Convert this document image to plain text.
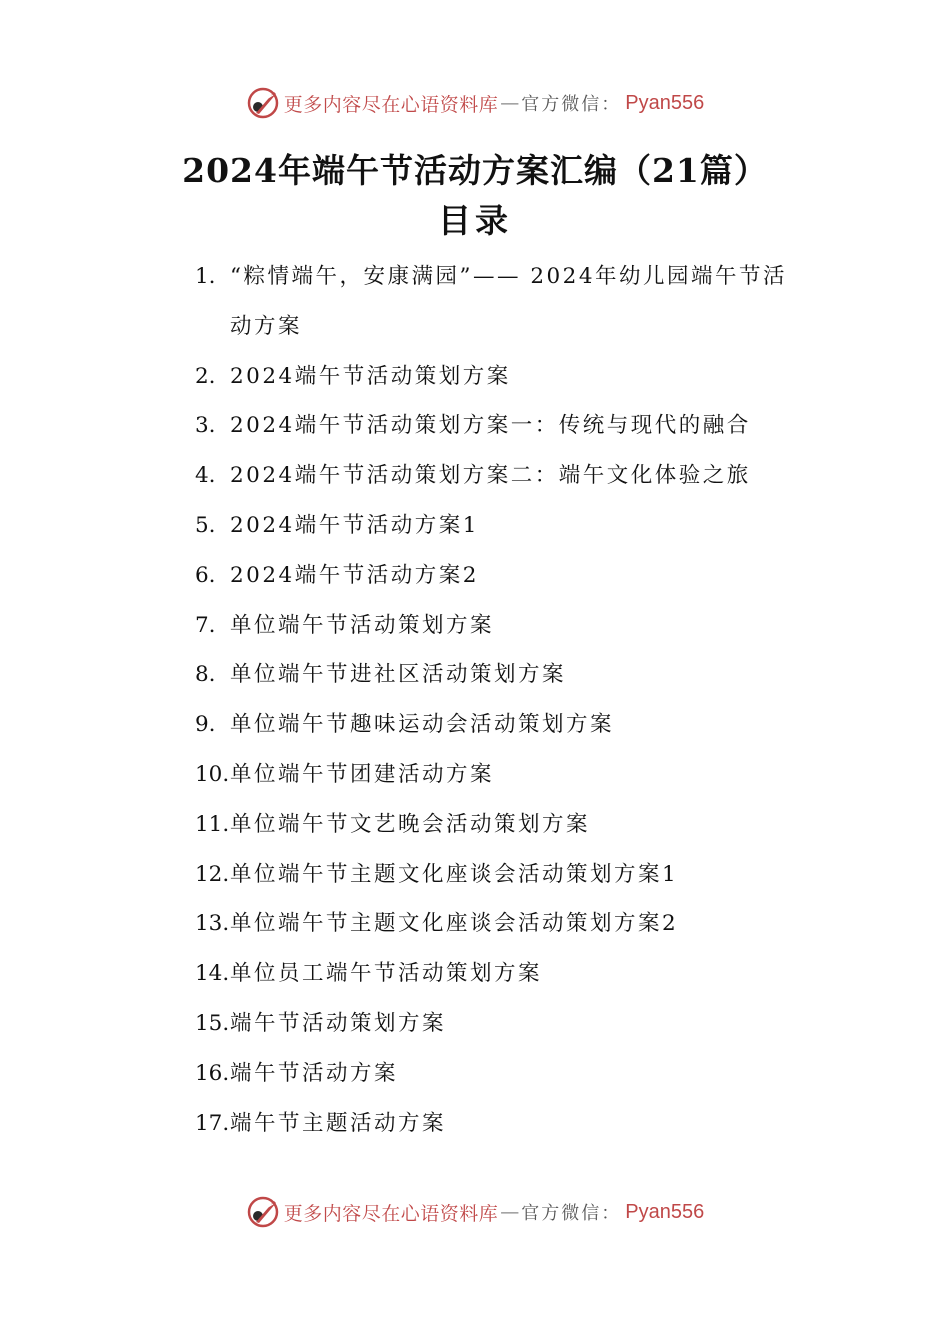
更多内容尽在心语资料库 — 官方微信： Pyan556
2024年端午节活动方案汇编（21篇）
目录
1. “粽情端午，安康满园”—— 2024年幼儿园端午节活动方案
2. 2024端午节活动策划方案
3. 2024端午节活动策划方案一：传统与现代的融合
4. 2024端午节活动策划方案二：端午文化体验之旅
5. 2024端午节活动方案1
6. 2024端午节活动方案2
7. 单位端午节活动策划方案
8. 单位端午节进社区活动策划方案
9. 单位端午节趣味运动会活动策划方案
10. 单位端午节团建活动方案
11. 单位端午节文艺晚会活动策划方案
12. 单位端午节主题文化座谈会活动策划方案1
13. 单位端午节主题文化座谈会活动策划方案2
14. 单位员工端午节活动策划方案
15. 端午节活动策划方案
16. 端午节活动方案
17. 端午节主题活动方案
更多内容尽在心语资料库 — 官方微信： Pyan556
